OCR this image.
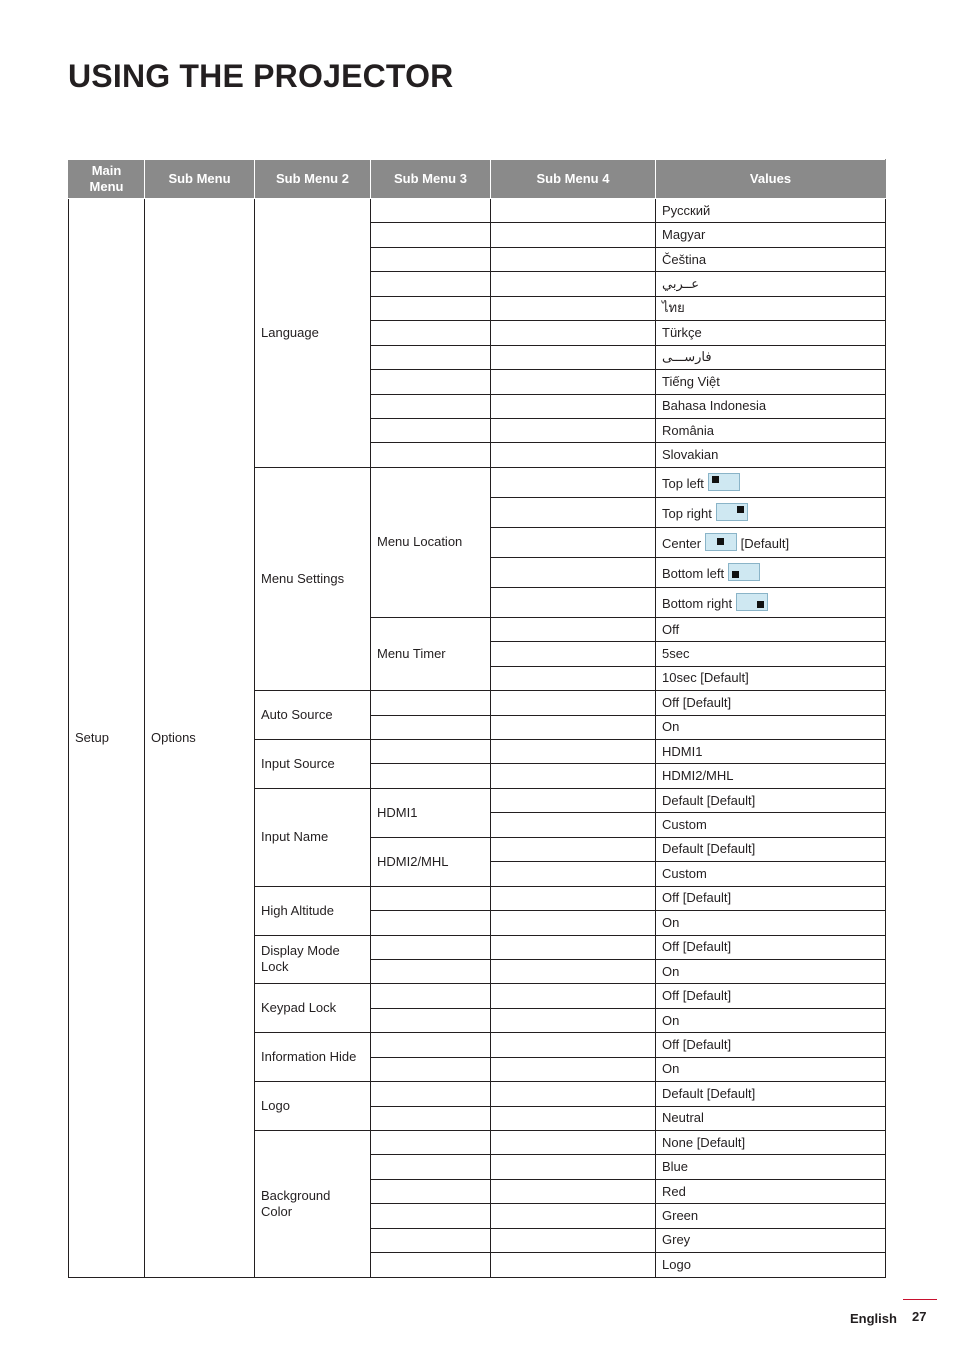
USING THE PROJECTOR
Main Menu	Sub Menu	Sub Menu 2	Sub Menu 3	Sub Menu 4	Values
Setup	Options	Language			Русский
					Magyar
					Čeština
					عــربي
					ไทย
					Türkçe
					فارســـى
					Tiếng Việt
					Bahasa Indonesia
					România
					Slovakian
		Menu Settings	Menu Location		Top left

					Top right

					Center [Default]
					Bottom left

					Bottom right

			Menu Timer		Off
					5sec
					10sec [Default]
		Auto Source			Off [Default]
					On
		Input Source			HDMI1
					HDMI2/MHL
		Input Name	HDMI1		Default [Default]
					Custom
			HDMI2/MHL		Default [Default]
					Custom
		High Altitude			Off [Default]
					On
		Display Mode Lock			Off [Default]
					On
		Keypad Lock			Off [Default]
					On
		Information Hide			Off [Default]
					On
		Logo			Default [Default]
					Neutral
		Background Color			None [Default]
					Blue
					Red
					Green
					Grey
					Logo
English 27
